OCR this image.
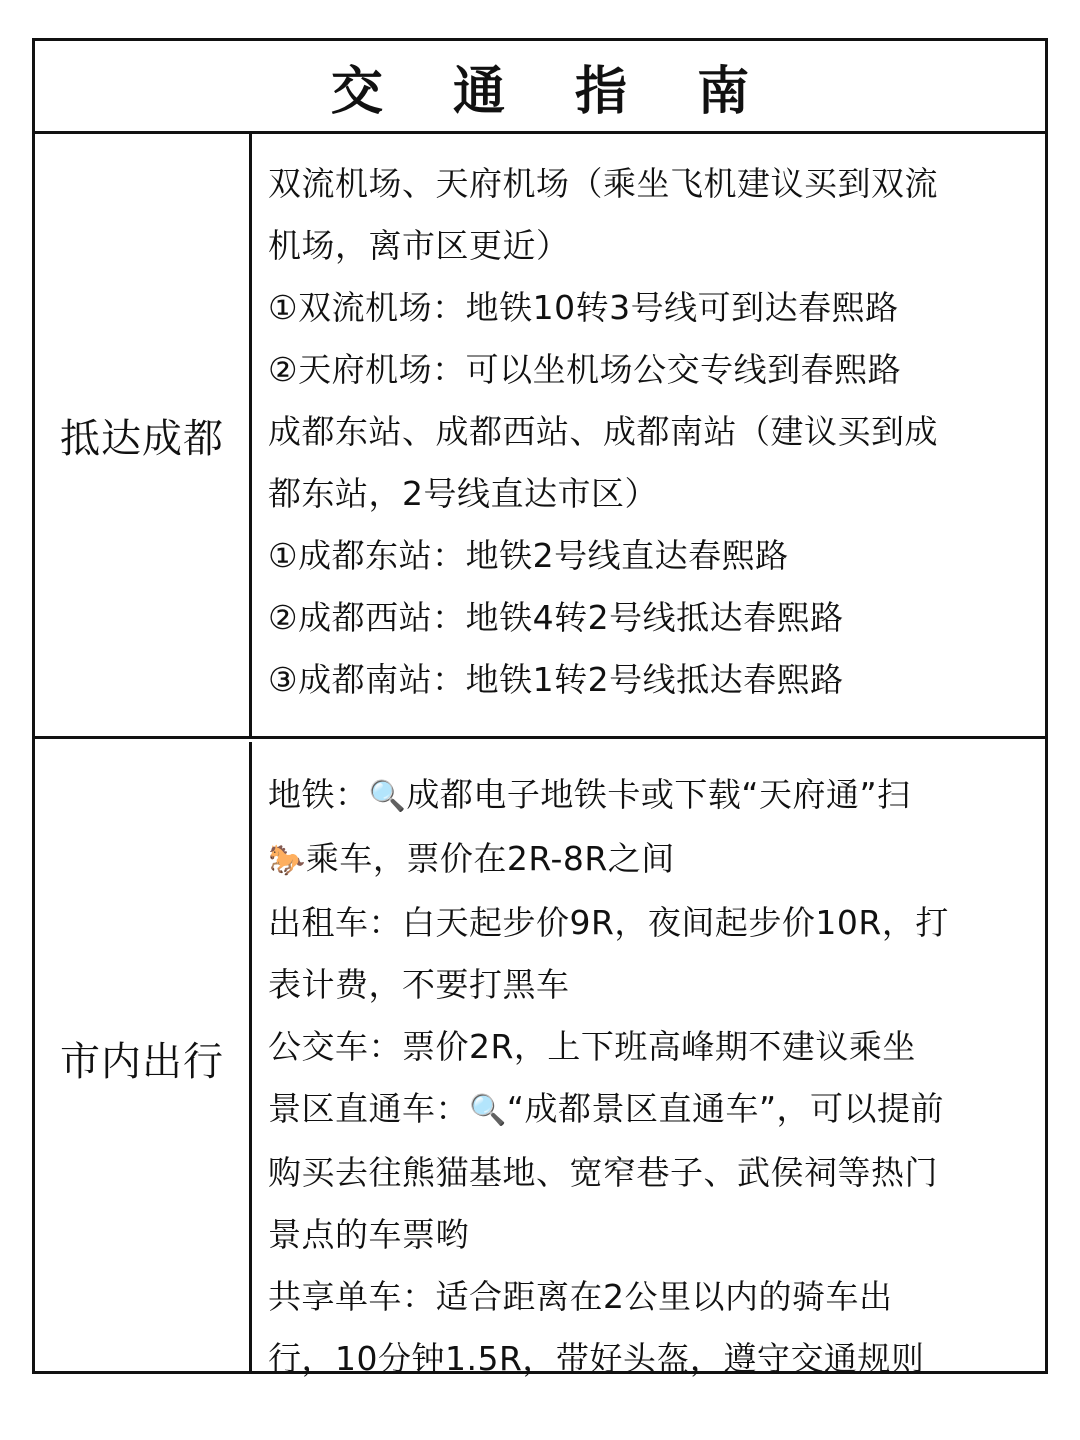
交 通 指 南
抵达成都
双流机场、天府机场（乘坐飞机建议买到双流
机场，离市区更近）
①双流机场：地铁10转3号线可到达春熙路
②天府机场：可以坐机场公交专线到春熙路
成都东站、成都西站、成都南站（建议买到成
都东站，2号线直达市区）
①成都东站：地铁2号线直达春熙路
②成都西站：地铁4转2号线抵达春熙路
③成都南站：地铁1转2号线抵达春熙路
市内出行
地铁：🔍成都电子地铁卡或下载“天府通”扫
🐎乘车，票价在2R-8R之间
出租车：白天起步价9R，夜间起步价10R，打
表计费，不要打黑车
公交车：票价2R，上下班高峰期不建议乘坐
景区直通车：🔍“成都景区直通车”，可以提前
购买去往熊猫基地、宽窄巷子、武侯祠等热门
景点的车票哟
共享单车：适合距离在2公里以内的骑车出
行，10分钟1.5R，带好头盔，遵守交通规则
